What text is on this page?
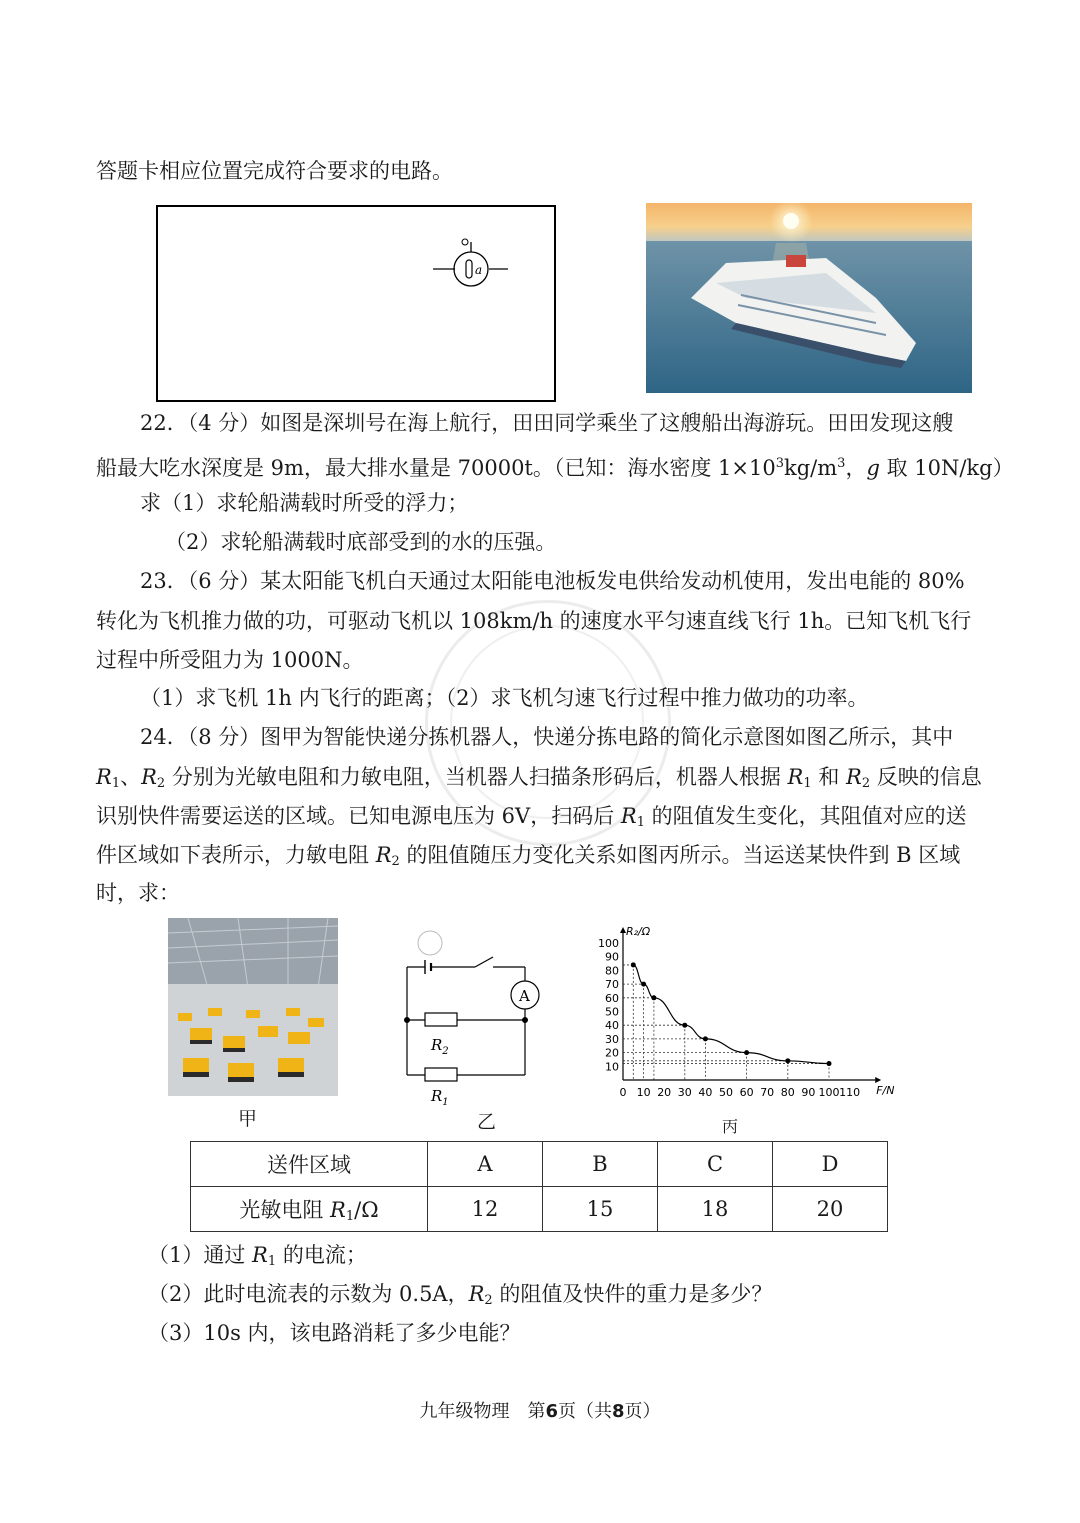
答题卡相应位置完成符合要求的电路。
a
22．（4 分）如图是深圳号在海上航行，田田同学乘坐了这艘船出海游玩。田田发现这艘
船最大吃水深度是 9m，最大排水量是 70000t。（已知：海水密度 $1\times 10^3kg/m^3$，g 取 10N/kg）
求（1）求轮船满载时所受的浮力；
（2）求轮船满载时底部受到的水的压强。
23．（6 分）某太阳能飞机白天通过太阳能电池板发电供给发动机使用，发出电能的 80%
转化为飞机推力做的功，可驱动飞机以 108km/h 的速度水平匀速直线飞行 1h。已知飞机飞行
过程中所受阻力为 1000N。
（1）求飞机 1h 内飞行的距离；（2）求飞机匀速飞行过程中推力做功的功率。
24．（8 分）图甲为智能快递分拣机器人，快递分拣电路的简化示意图如图乙所示，其中
$R_1$、$R_2$ 分别为光敏电阻和力敏电阻，当机器人扫描条形码后，机器人根据 $R_1$ 和 $R_2$ 反映的信息
识别快件需要运送的区域。已知电源电压为 6V，扫码后 $R_1$ 的阻值发生变化，其阻值对应的送
件区域如下表所示，力敏电阻 $R_2$ 的阻值随压力变化关系如图丙所示。当运送某快件到 B 区域
时，求：
甲
A
$R_2$
$R_1$
乙
R₂/Ω
F/N
10
20
30
40
50
60
70
80
90
100
0 10 20 30 40 50 60 70 80 90 100 110
丙
送件区域	A	B	C	D
光敏电阻 $R_1/\Omega$	12	15	18	20
（1）通过 $R_1$ 的电流；
（2）此时电流表的示数为 0.5A，$R_2$ 的阻值及快件的重力是多少？
（3）10s 内，该电路消耗了多少电能？
九年级物理　第6页（共8页）
